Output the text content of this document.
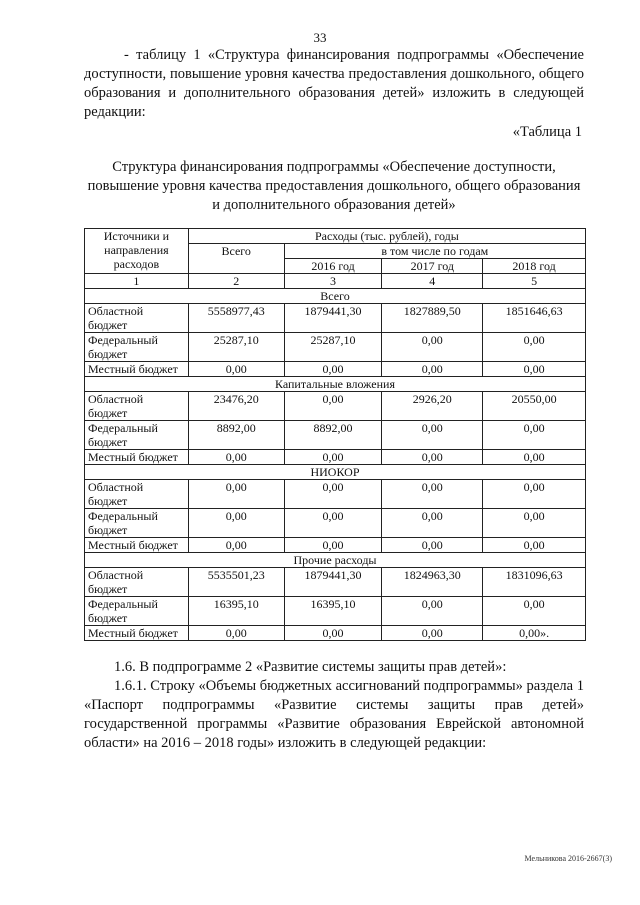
33
- таблицу 1 «Структура финансирования подпрограммы «Обеспечение доступности, повышение уровня качества предоставления дошкольного, общего образования и дополнительного образования детей» изложить в следующей редакции:
«Таблица 1
Структура финансирования подпрограммы «Обеспечение доступности, повышение уровня качества предоставления дошкольного, общего образования и дополнительного образования детей»
Источники и направления расходов	Расходы (тыс. рублей), годы			
	Всего	в том числе по годам		
		2016 год	2017 год	2018 год
1	2	3	4	5
Всего				
Областной бюджет	5558977,43	1879441,30	1827889,50	1851646,63
Федеральный бюджет	25287,10	25287,10	0,00	0,00
Местный бюджет	0,00	0,00	0,00	0,00
Капитальные вложения				
Областной бюджет	23476,20	0,00	2926,20	20550,00
Федеральный бюджет	8892,00	8892,00	0,00	0,00
Местный бюджет	0,00	0,00	0,00	0,00
НИОКОР				
Областной бюджет	0,00	0,00	0,00	0,00
Федеральный бюджет	0,00	0,00	0,00	0,00
Местный бюджет	0,00	0,00	0,00	0,00
Прочие расходы				
Областной бюджет	5535501,23	1879441,30	1824963,30	1831096,63
Федеральный бюджет	16395,10	16395,10	0,00	0,00
Местный бюджет	0,00	0,00	0,00	0,00».

1.6. В подпрограмме 2 «Развитие системы защиты прав детей»:

1.6.1. Строку «Объемы бюджетных ассигнований подпрограммы» раздела 1 «Паспорт подпрограммы «Развитие системы защиты прав детей» государственной программы «Развитие образования Еврейской автономной области» на 2016 – 2018 годы» изложить в следующей редакции:

Мельникова 2016-2667(3)
